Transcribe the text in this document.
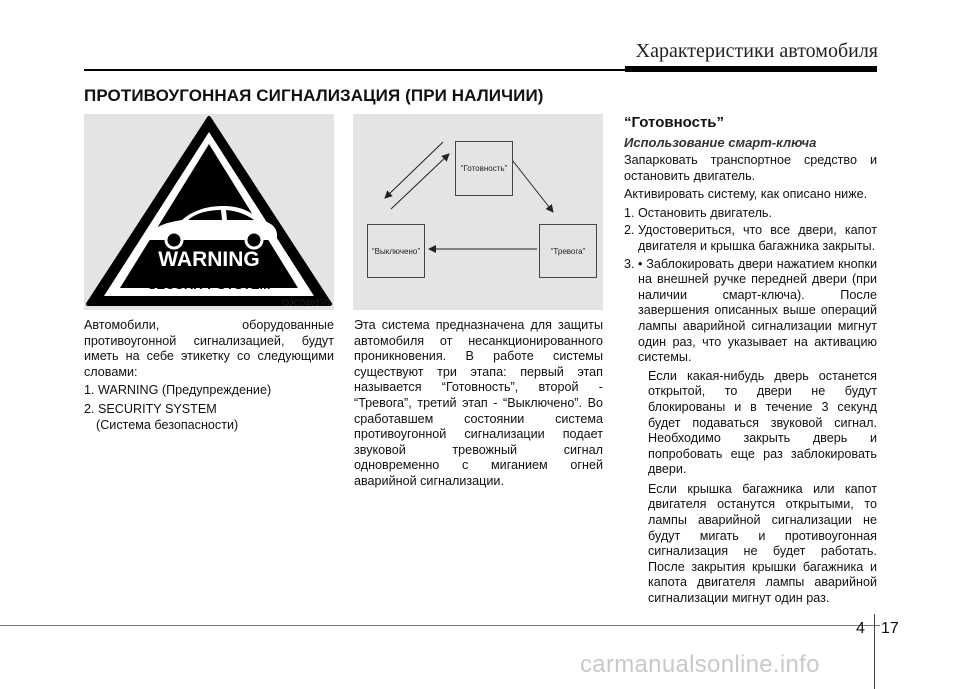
Характеристики автомобиля
ПРОТИВОУГОННАЯ СИГНАЛИЗАЦИЯ (ПРИ НАЛИЧИИ)
WARNING
SECURITY SYSTEM
OJC040170
“Готовность”
“Выключено”	“Тревога”

Автомобили, оборудованные противоугонной сигнализацией, будут иметь на себе этикетку со следующими словами:

1. WARNING (Предупреждение)
2. SECURITY SYSTEM
(Система безопасности)

Эта система предназначена для защиты автомобиля от несанкционированного проникновения. В работе системы существуют три этапа: первый этап называется “Готовность”, второй - “Тревога”, третий этап - “Выключено”. Во сработавшем состоянии система противоугонной сигнализации подает звуковой тревожный сигнал одновременно с миганием огней аварийной сигнализации.

“Готовность”
Использование смарт-ключа

Запарковать транспортное средство и остановить двигатель.

Активировать систему, как описано ниже.

1. Остановить двигатель.
2. Удостовериться, что все двери, капот двигателя и крышка багажника закрыты.
3. • Заблокировать двери нажатием кнопки на внешней ручке передней двери (при наличии смарт-ключа). После завершения описанных выше операций лампы аварийной сигнализации мигнут один раз, что указывает на активацию системы.

Если какая-нибудь дверь останется открытой, то двери не будут блокированы и в течение 3 секунд будет подаваться звуковой сигнал. Необходимо закрыть дверь и попробовать еще раз заблокировать двери.

Если крышка багажника или капот двигателя останутся открытыми, то лампы аварийной сигнализации не будут мигать и противоугонная сигнализация не будет работать. После закрытия крышки багажника и капота двигателя лампы аварийной сигнализации мигнут один раз.

4 17
carmanualsonline.info
